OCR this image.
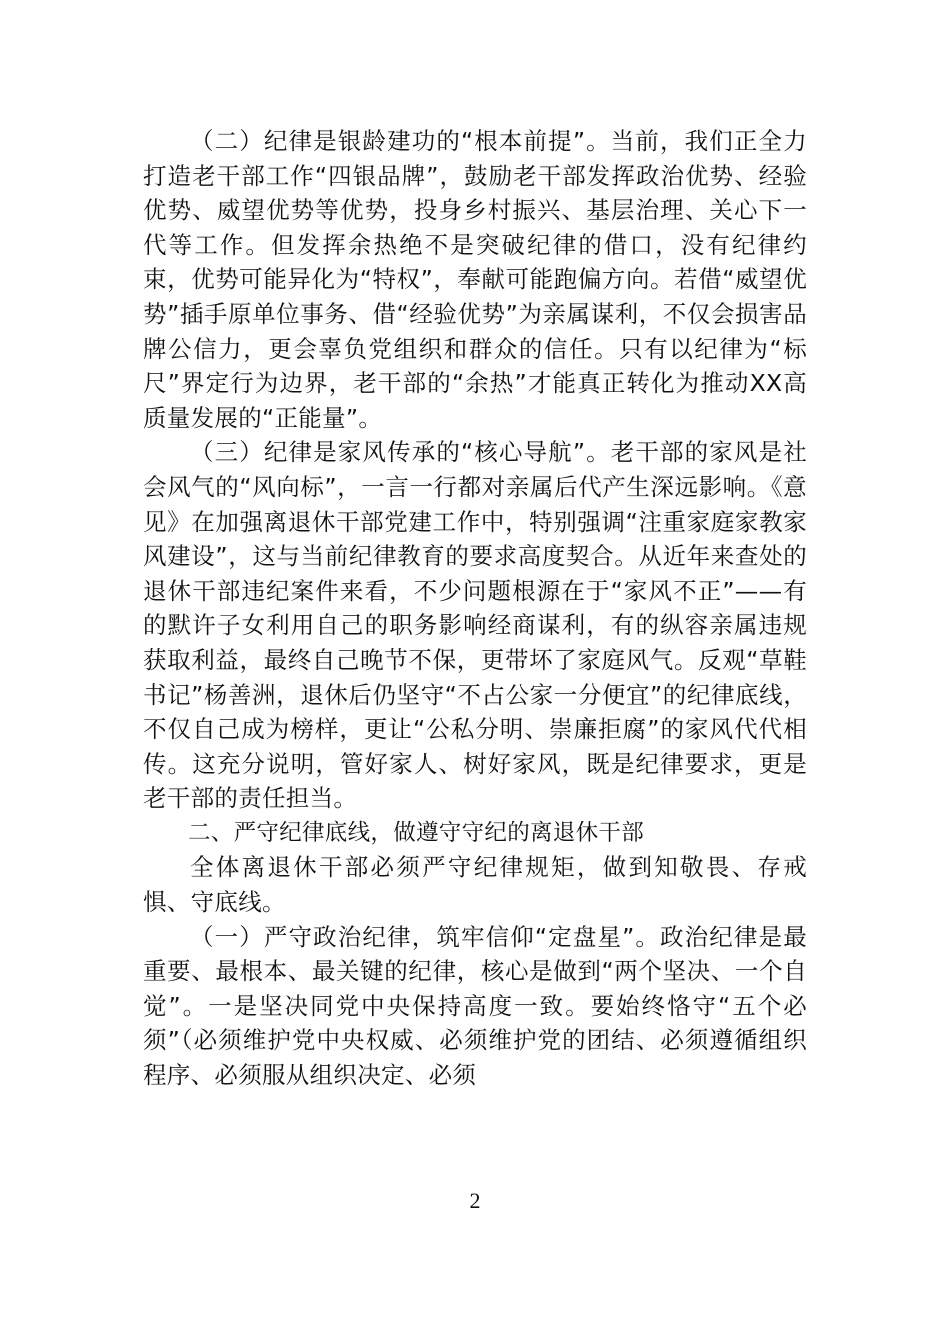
（二）纪律是银龄建功的“根本前提”。当前，我们正全力打造老干部工作“四银品牌”，鼓励老干部发挥政治优势、经验优势、威望优势等优势，投身乡村振兴、基层治理、关心下一代等工作。但发挥余热绝不是突破纪律的借口，没有纪律约束，优势可能异化为“特权”，奉献可能跑偏方向。若借“威望优势”插手原单位事务、借“经验优势”为亲属谋利，不仅会损害品牌公信力，更会辜负党组织和群众的信任。只有以纪律为“标尺”界定行为边界，老干部的“余热”才能真正转化为推动XX高质量发展的“正能量”。

（三）纪律是家风传承的“核心导航”。老干部的家风是社会风气的“风向标”，一言一行都对亲属后代产生深远影响。《意见》在加强离退休干部党建工作中，特别强调“注重家庭家教家风建设”，这与当前纪律教育的要求高度契合。从近年来查处的退休干部违纪案件来看，不少问题根源在于“家风不正”——有的默许子女利用自己的职务影响经商谋利，有的纵容亲属违规获取利益，最终自己晚节不保，更带坏了家庭风气。反观“草鞋书记”杨善洲，退休后仍坚守“不占公家一分便宜”的纪律底线，不仅自己成为榜样，更让“公私分明、崇廉拒腐”的家风代代相传。这充分说明，管好家人、树好家风，既是纪律要求，更是老干部的责任担当。

二、严守纪律底线，做遵守守纪的离退休干部

全体离退休干部必须严守纪律规矩，做到知敬畏、存戒惧、守底线。

（一）严守政治纪律，筑牢信仰“定盘星”。政治纪律是最重要、最根本、最关键的纪律，核心是做到“两个坚决、一个自觉”。一是坚决同党中央保持高度一致。要始终恪守“五个必须”（必须维护党中央权威、必须维护党的团结、必须遵循组织程序、必须服从组织决定、必须

2
